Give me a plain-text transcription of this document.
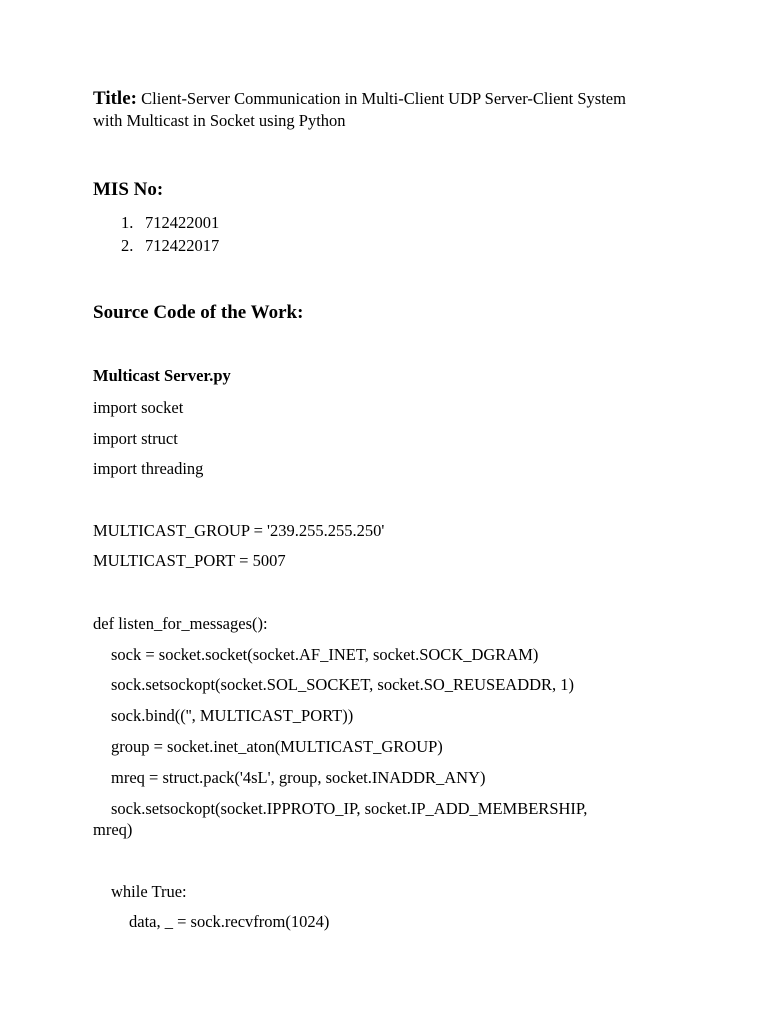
Title: Client-Server Communication in Multi-Client UDP Server-Client System with Multicast in Socket using Python
MIS No:
1. 712422001
2. 712422017
Source Code of the Work:
Multicast Server.py
import socket
import struct
import threading
MULTICAST_GROUP = '239.255.255.250'
MULTICAST_PORT = 5007
def listen_for_messages():
sock = socket.socket(socket.AF_INET, socket.SOCK_DGRAM)
sock.setsockopt(socket.SOL_SOCKET, socket.SO_REUSEADDR, 1)
sock.bind(('', MULTICAST_PORT))
group = socket.inet_aton(MULTICAST_GROUP)
mreq = struct.pack('4sL', group, socket.INADDR_ANY)
sock.setsockopt(socket.IPPROTO_IP, socket.IP_ADD_MEMBERSHIP,
mreq)
while True:
data, _ = sock.recvfrom(1024)
